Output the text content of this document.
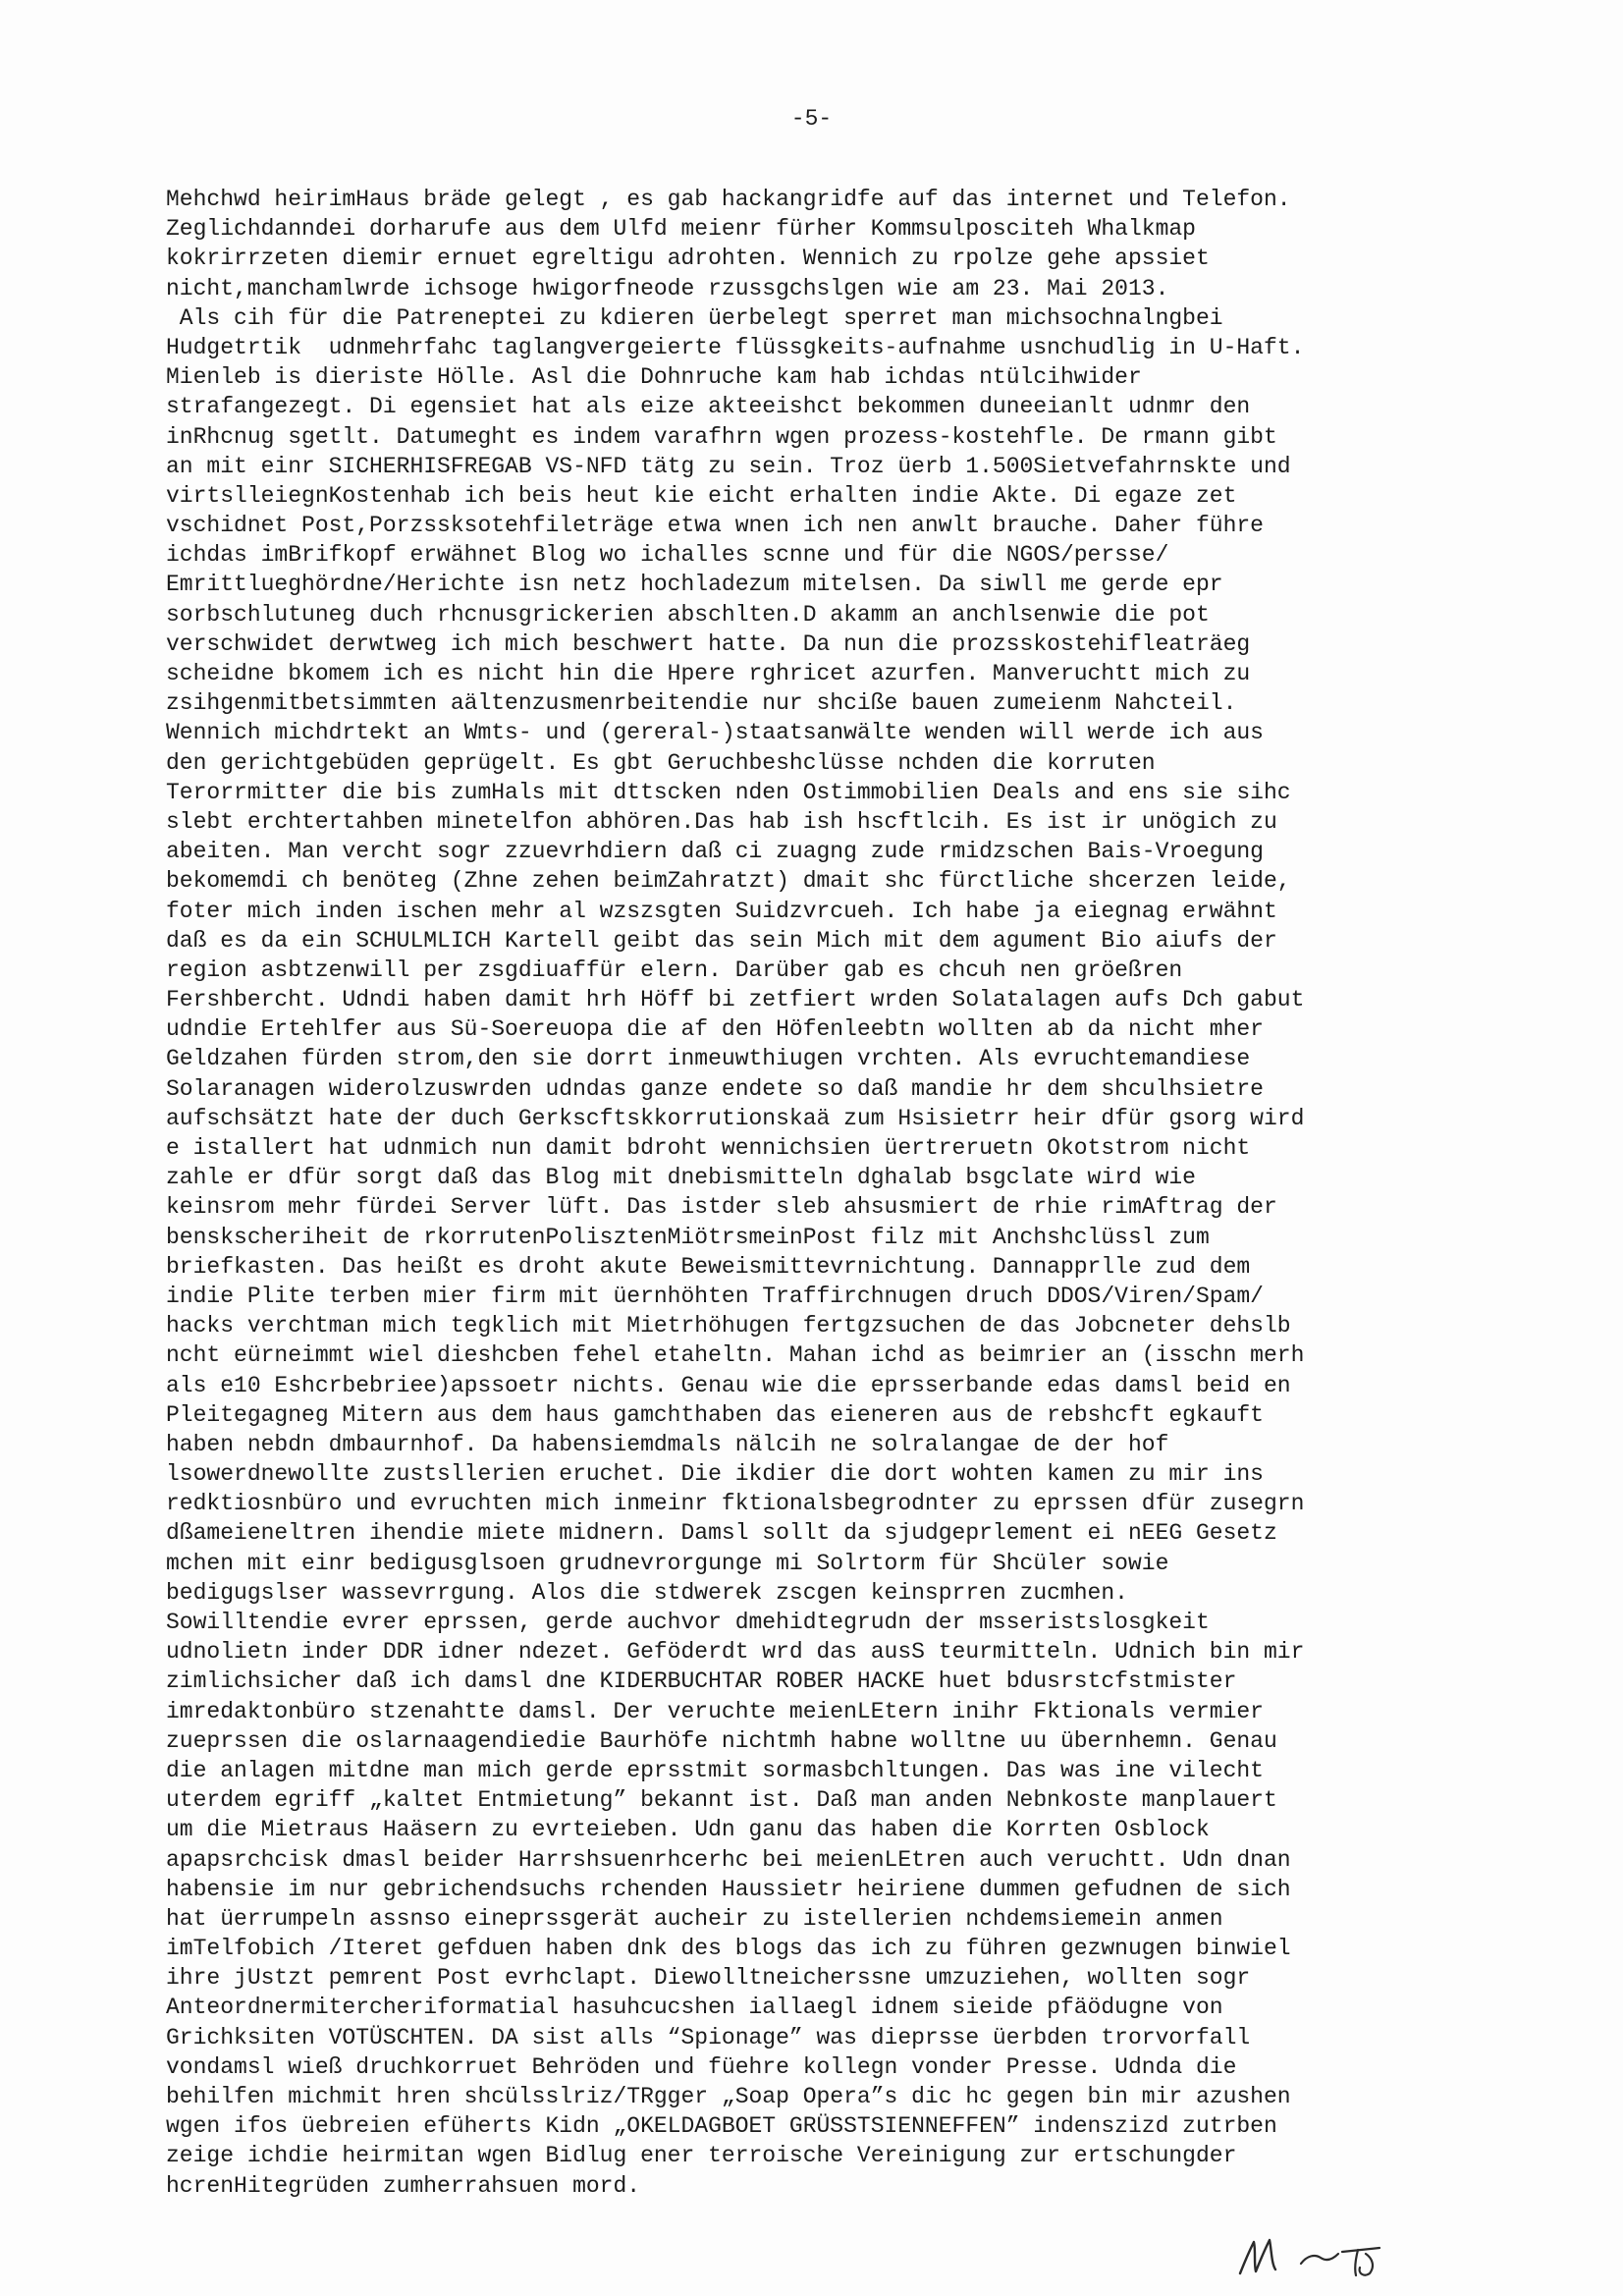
-5-
Mehchwd heirimHaus bräde gelegt , es gab hackangridfe auf das internet und Telefon.
Zeglichdanndei dorharufe aus dem Ulfd meienr fürher Kommsulposciteh Whalkmap
kokrirrzeten diemir ernuet egreltigu adrohten. Wennich zu rpolze gehe apssiet
nicht,manchamlwrde ichsoge hwigorfneode rzussgchslgen wie am 23. Mai 2013.
Als cih für die Patreneptei zu kdieren üerbelegt sperret man michsochnalngbei
Hudgetrtik  udnmehrfahc taglangvergeierte flüssgkeits-aufnahme usnchudlig in U-Haft.
Mienleb is dieriste Hölle. Asl die Dohnruche kam hab ichdas ntülcihwider
strafangezegt. Di egensiet hat als eize akteeishct bekommen duneeianlt udnmr den
inRhcnug sgetlt. Datumeght es indem varafhrn wgen prozess-kostehfle. De rmann gibt
an mit einr SICHERHISFREGAB VS-NFD tätg zu sein. Troz üerb 1.500Sietvefahrnskte und
virtslleiegnKostenhab ich beis heut kie eicht erhalten indie Akte. Di egaze zet
vschidnet Post,Porzssksotehfileträge etwa wnen ich nen anwlt brauche. Daher führe
ichdas imBrifkopf erwähnet Blog wo ichalles scnne und für die NGOS/persse/
Emrittlueghördne/Herichte isn netz hochladezum mitelsen. Da siwll me gerde epr
sorbschlutuneg duch rhcnusgrickerien abschlten.D akamm an anchlsenwie die pot
verschwidet derwtweg ich mich beschwert hatte. Da nun die prozsskostehifleaträeg
scheidne bkomem ich es nicht hin die Hpere rghricet azurfen. Manveruchtt mich zu
zsihgenmitbetsimmten aältenzusmenrbeitendie nur shciße bauen zumeienm Nahcteil.
Wennich michdrtekt an Wmts- und (gereral-)staatsanwälte wenden will werde ich aus
den gerichtgebüden geprügelt. Es gbt Geruchbeshclüsse nchden die korruten
Terorrmitter die bis zumHals mit dttscken nden Ostimmobilien Deals and ens sie sihc
slebt erchtertahben minetelfon abhören.Das hab ish hscftlcih. Es ist ir unögich zu
abeiten. Man vercht sogr zzuevrhdiern daß ci zuagng zude rmidzschen Bais-Vroegung
bekomemdi ch benöteg (Zhne zehen beimZahratzt) dmait shc fürctliche shcerzen leide,
foter mich inden ischen mehr al wzszsgten Suidzvrcueh. Ich habe ja eiegnag erwähnt
daß es da ein SCHULMLICH Kartell geibt das sein Mich mit dem agument Bio aiufs der
region asbtzenwill per zsgdiuaffür elern. Darüber gab es chcuh nen gröeßren
Fershbercht. Udndi haben damit hrh Höff bi zetfiert wrden Solatalagen aufs Dch gabut
udndie Ertehlfer aus Sü-Soereuopa die af den Höfenleebtn wollten ab da nicht mher
Geldzahen fürden strom,den sie dorrt inmeuwthiugen vrchten. Als evruchtemandiese
Solaranagen widerolzuswrden udndas ganze endete so daß mandie hr dem shculhsietre
aufschsätzt hate der duch Gerkscftskkorrutionskaä zum Hsisietrr heir dfür gsorg wird
e istallert hat udnmich nun damit bdroht wennichsien üertreruetn Okotstrom nicht
zahle er dfür sorgt daß das Blog mit dnebismitteln dghalab bsgclate wird wie
keinsrom mehr fürdei Server lüft. Das istder sleb ahsusmiert de rhie rimAftrag der
benskscheriheit de rkorrutenPolisztenMiötrsmeinPost filz mit Anchshclüssl zum
briefkasten. Das heißt es droht akute Beweismittevrnichtung. Dannapprlle zud dem
indie Plite terben mier firm mit üernhöhten Traffirchnugen druch DDOS/Viren/Spam/
hacks verchtman mich tegklich mit Mietrhöhugen fertgzsuchen de das Jobcneter dehslb
ncht eürneimmt wiel dieshcben fehel etaheltn. Mahan ichd as beimrier an (isschn merh
als e10 Eshcrbebriee)apssoetr nichts. Genau wie die eprsserbande edas damsl beid en
Pleitegagneg Mitern aus dem haus gamchthaben das eieneren aus de rebshcft egkauft
haben nebdn dmbaurnhof. Da habensiemdmals nälcih ne solralangae de der hof
lsowerdnewollte zustsllerien eruchet. Die ikdier die dort wohten kamen zu mir ins
redktiosnbüro und evruchten mich inmeinr fktionalsbegrodnter zu eprssen dfür zusegrn
dßameieneltren ihendie miete midnern. Damsl sollt da sjudgeprlement ei nEEG Gesetz
mchen mit einr bedigusglsoen grudnevrorgunge mi Solrtorm für Shcüler sowie
bedigugslser wassevrrgung. Alos die stdwerek zscgen keinsprren zucmhen.
Sowilltendie evrer eprssen, gerde auchvor dmehidtegrudn der msseristslosgkeit
udnolietn inder DDR idner ndezet. Geföderdt wrd das ausS teurmitteln. Udnich bin mir
zimlichsicher daß ich damsl dne KIDERBUCHTAR ROBER HACKE huet bdusrstcfstmister
imredaktonbüro stzenahtte damsl. Der veruchte meienLEtern inihr Fktionals vermier
zueprssen die oslarnaagendiedie Baurhöfe nichtmh habne wolltne uu übernhemn. Genau
die anlagen mitdne man mich gerde eprsstmit sormasbchltungen. Das was ine vilecht
uterdem egriff „kaltet Entmietung” bekannt ist. Daß man anden Nebnkoste manplauert
um die Mietraus Haäsern zu evrteieben. Udn ganu das haben die Korrten Osblock
apapsrchcisk dmasl beider Harrshsuenrhcerhc bei meienLEtren auch veruchtt. Udn dnan
habensie im nur gebrichendsuchs rchenden Haussietr heiriene dummen gefudnen de sich
hat üerrumpeln assnso eineprssgerät aucheir zu istellerien nchdemsiemein anmen
imTelfobich /Iteret gefduen haben dnk des blogs das ich zu führen gezwnugen binwiel
ihre jUstzt pemrent Post evrhclapt. Diewolltneicherssne umzuziehen, wollten sogr
Anteordnermitercheriformatial hasuhcucshen iallaegl idnem sieide pfäödugne von
Grichksiten VOTÜSCHTEN. DA sist alls “Spionage” was dieprsse üerbden trorvorfall
vondamsl wieß druchkorruet Behröden und füehre kollegn vonder Presse. Udnda die
behilfen michmit hren shcülsslriz/TRgger „Soap Opera”s dic hc gegen bin mir azushen
wgen ifos üebreien efüherts Kidn „OKELDAGBOET GRÜSSTSIENNEFFEN” indenszizd zutrben
zeige ichdie heirmitan wgen Bidlug ener terroische Vereinigung zur ertschungder
hcrenHitegrüden zumherrahsuen mord.
